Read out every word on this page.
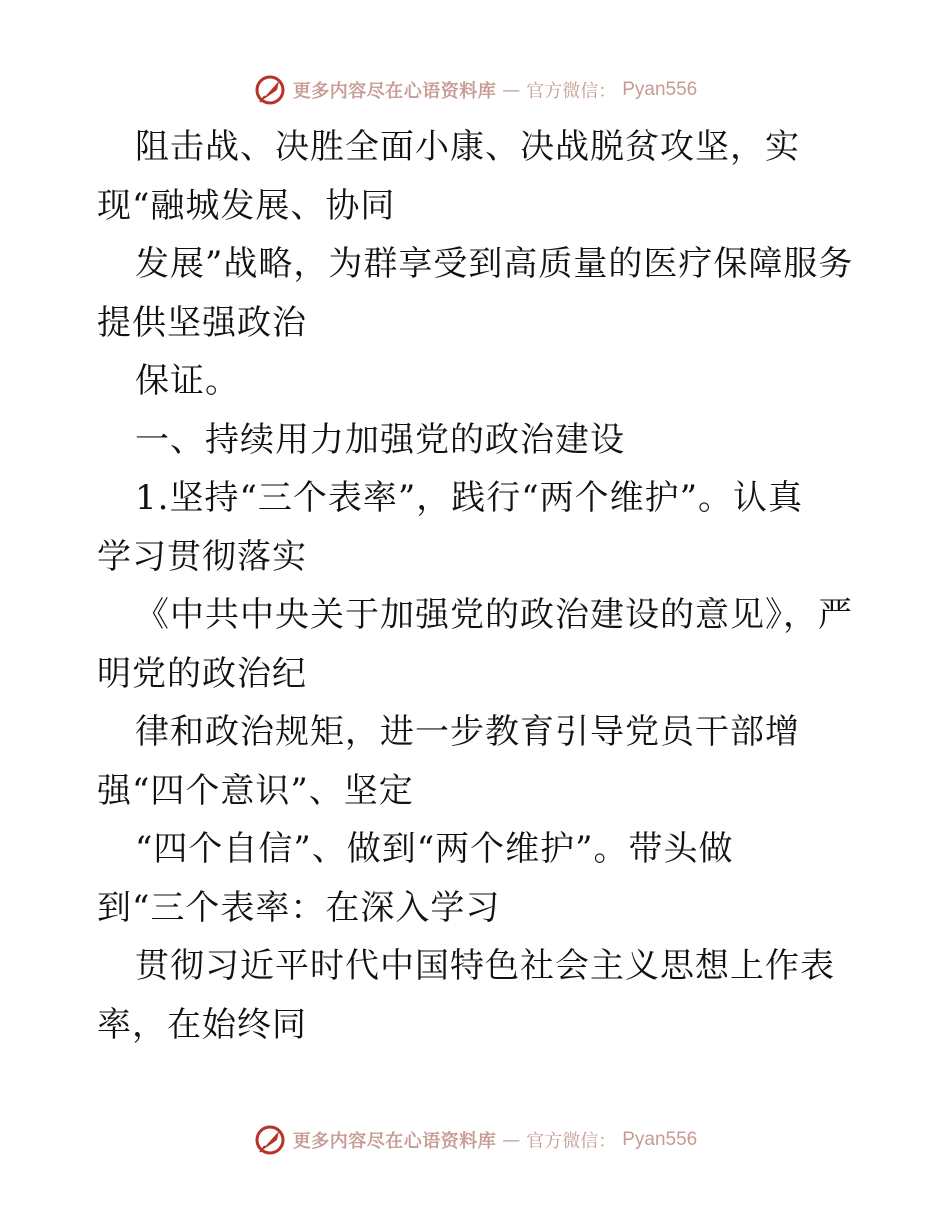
更多内容尽在心语资料库 — 官方微信： Pyan556
阻击战、决胜全面小康、决战脱贫攻坚，实
现“融城发展、协同
发展”战略，为群享受到高质量的医疗保障服务
提供坚强政治
保证。
一、持续用力加强党的政治建设
1.坚持“三个表率”，践行“两个维护”。认真
学习贯彻落实
《中共中央关于加强党的政治建设的意见》，严
明党的政治纪
律和政治规矩，进一步教育引导党员干部增
强“四个意识”、坚定
“四个自信”、做到“两个维护”。带头做
到“三个表率：在深入学习
贯彻习近平时代中国特色社会主义思想上作表
率，在始终同
更多内容尽在心语资料库 — 官方微信： Pyan556
